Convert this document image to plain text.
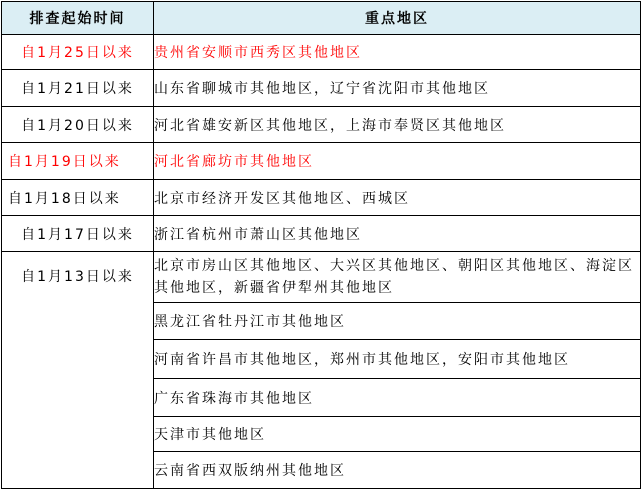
排查起始时间	重点地区
自1月25日以来	贵州省安顺市西秀区其他地区
自1月21日以来	山东省聊城市其他地区，辽宁省沈阳市其他地区
自1月20日以来	河北省雄安新区其他地区，上海市奉贤区其他地区
自1月19日以来	河北省廊坊市其他地区
自1月18日以来	北京市经济开发区其他地区、西城区
自1月17日以来	浙江省杭州市萧山区其他地区
自1月13日以来	北京市房山区其他地区、大兴区其他地区、朝阳区其他地区、海淀区其他地区，新疆省伊犁州其他地区
	黑龙江省牡丹江市其他地区
	河南省许昌市其他地区，郑州市其他地区，安阳市其他地区
	广东省珠海市其他地区
	天津市其他地区
	云南省西双版纳州其他地区
